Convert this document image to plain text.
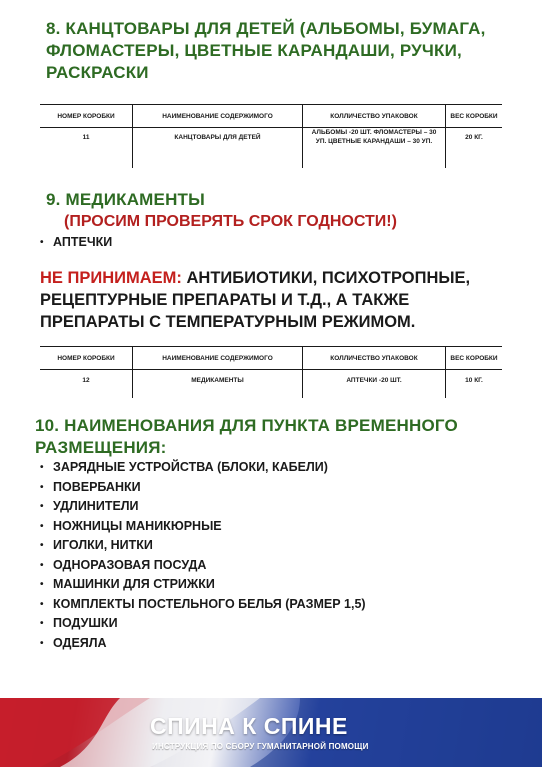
8. КАНЦТОВАРЫ ДЛЯ ДЕТЕЙ (АЛЬБОМЫ, БУМАГА, ФЛОМАСТЕРЫ, ЦВЕТНЫЕ КАРАНДАШИ, РУЧКИ, РАСКРАСКИ
НОМЕР КОРОБКИ	НАИМЕНОВАНИЕ СОДЕРЖИМОГО	КОЛЛИЧЕСТВО УПАКОВОК	ВЕС КОРОБКИ
11	КАНЦТОВАРЫ ДЛЯ ДЕТЕЙ	АЛЬБОМЫ -20 ШТ. ФЛОМАСТЕРЫ – 30 УП. ЦВЕТНЫЕ КАРАНДАШИ – 30 УП.	20 КГ.
9. МЕДИКАМЕНТЫ
(ПРОСИМ ПРОВЕРЯТЬ СРОК ГОДНОСТИ!)
• АПТЕЧКИ
НЕ ПРИНИМАЕМ: АНТИБИОТИКИ, ПСИХОТРОПНЫЕ, РЕЦЕПТУРНЫЕ ПРЕПАРАТЫ И Т.Д., А ТАКЖЕ ПРЕПАРАТЫ С ТЕМПЕРАТУРНЫМ РЕЖИМОМ.
НОМЕР КОРОБКИ	НАИМЕНОВАНИЕ СОДЕРЖИМОГО	КОЛЛИЧЕСТВО УПАКОВОК	ВЕС КОРОБКИ
12	МЕДИКАМЕНТЫ	АПТЕЧКИ -20 ШТ.	10 КГ.
10. НАИМЕНОВАНИЯ ДЛЯ ПУНКТА ВРЕМЕННОГО РАЗМЕЩЕНИЯ:
• ЗАРЯДНЫЕ УСТРОЙСТВА (БЛОКИ, КАБЕЛИ)
• ПОВЕРБАНКИ
• УДЛИНИТЕЛИ
• НОЖНИЦЫ МАНИКЮРНЫЕ
• ИГОЛКИ, НИТКИ
• ОДНОРАЗОВАЯ ПОСУДА
• МАШИНКИ ДЛЯ СТРИЖКИ
• КОМПЛЕКТЫ ПОСТЕЛЬНОГО БЕЛЬЯ (РАЗМЕР 1,5)
• ПОДУШКИ
• ОДЕЯЛА
СПИНА К СПИНЕ
ИНСТРУКЦИЯ ПО СБОРУ ГУМАНИТАРНОЙ ПОМОЩИ
